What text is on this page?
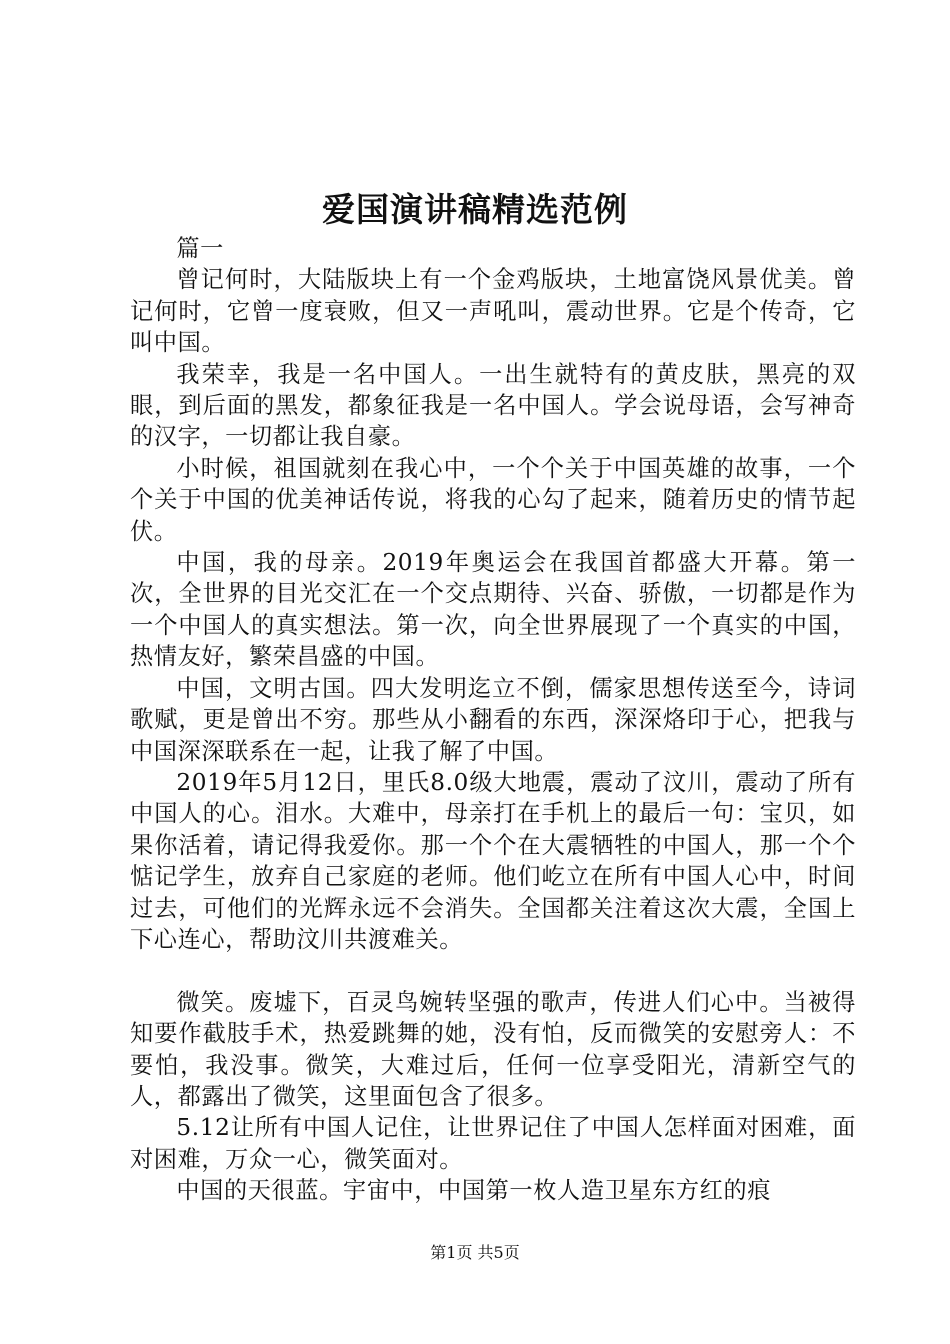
爱国演讲稿精选范例

篇一

曾记何时，大陆版块上有一个金鸡版块，土地富饶风景优美。曾记何时，它曾一度衰败，但又一声吼叫，震动世界。它是个传奇，它叫中国。

我荣幸，我是一名中国人。一出生就特有的黄皮肤，黑亮的双眼，到后面的黑发，都象征我是一名中国人。学会说母语，会写神奇的汉字，一切都让我自豪。

小时候，祖国就刻在我心中，一个个关于中国英雄的故事，一个个关于中国的优美神话传说，将我的心勾了起来，随着历史的情节起伏。

中国，我的母亲。2019年奥运会在我国首都盛大开幕。第一次，全世界的目光交汇在一个交点期待、兴奋、骄傲，一切都是作为一个中国人的真实想法。第一次，向全世界展现了一个真实的中国，热情友好，繁荣昌盛的中国。

中国，文明古国。四大发明迄立不倒，儒家思想传送至今，诗词歌赋，更是曾出不穷。那些从小翻看的东西，深深烙印于心，把我与中国深深联系在一起，让我了解了中国。

2019年5月12日，里氏8.0级大地震，震动了汶川，震动了所有中国人的心。泪水。大难中，母亲打在手机上的最后一句：宝贝，如果你活着，请记得我爱你。那一个个在大震牺牲的中国人，那一个个惦记学生，放弃自己家庭的老师。他们屹立在所有中国人心中，时间过去，可他们的光辉永远不会消失。全国都关注着这次大震，全国上下心连心，帮助汶川共渡难关。

微笑。废墟下，百灵鸟婉转坚强的歌声，传进人们心中。当被得知要作截肢手术，热爱跳舞的她，没有怕，反而微笑的安慰旁人：不要怕，我没事。微笑，大难过后，任何一位享受阳光，清新空气的人，都露出了微笑，这里面包含了很多。

5.12让所有中国人记住，让世界记住了中国人怎样面对困难，面对困难，万众一心，微笑面对。

中国的天很蓝。宇宙中，中国第一枚人造卫星东方红的痕

第1页 共5页
